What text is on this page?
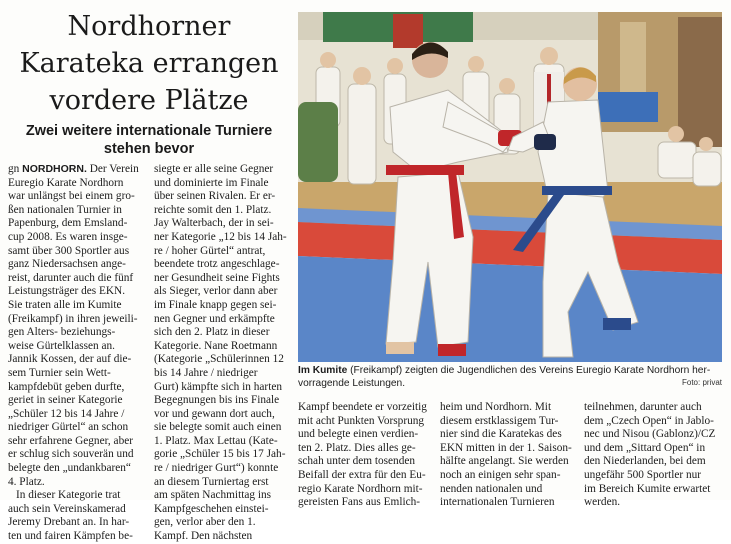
Nordhorner
Karateka errangen
vordere Plätze
Zwei weitere internationale Turniere
stehen bevor
gn NORDHORN. Der Verein
Euregio Karate Nordhorn
war unlängst bei einem gro-
ßen nationalen Turnier in
Papenburg, dem Emsland-
cup 2008. Es waren insge-
samt über 300 Sportler aus
ganz Niedersachsen ange-
reist, darunter auch die fünf
Leistungsträger des EKN.
Sie traten alle im Kumite
(Freikampf) in ihren jeweili-
gen Alters- beziehungs-
weise Gürtelklassen an.
Jannik Kossen, der auf die-
sem Turnier sein Wett-
kampfdebüt geben durfte,
geriet in seiner Kategorie
„Schüler 12 bis 14 Jahre /
niedriger Gürtel“ an schon
sehr erfahrene Gegner, aber
er schlug sich souverän und
belegte den „undankbaren“
4. Platz.
In dieser Kategorie trat
auch sein Vereinskamerad
Jeremy Drebant an. In har-
ten und fairen Kämpfen be-
siegte er alle seine Gegner
und dominierte im Finale
über seinen Rivalen. Er er-
reichte somit den 1. Platz.
Jay Walterbach, der in sei-
ner Kategorie „12 bis 14 Jah-
re / hoher Gürtel“ antrat,
beendete trotz angeschlage-
ner Gesundheit seine Fights
als Sieger, verlor dann aber
im Finale knapp gegen sei-
nen Gegner und erkämpfte
sich den 2. Platz in dieser
Kategorie. Nane Roetmann
(Kategorie „Schülerinnen 12
bis 14 Jahre / niedriger
Gurt) kämpfte sich in harten
Begegnungen bis ins Finale
vor und gewann dort auch,
sie belegte somit auch einen
1. Platz. Max Lettau (Kate-
gorie „Schüler 15 bis 17 Jah-
re / niedriger Gurt“) konnte
an diesem Turniertag erst
am späten Nachmittag ins
Kampfgeschehen einstei-
gen, verlor aber den 1.
Kampf. Den nächsten
Im Kumite (Freikampf) zeigten die Jugendlichen des Vereins Euregio Karate Nordhorn her-
vorragende Leistungen.	Foto: privat
Kampf beendete er vorzeitig
mit acht Punkten Vorsprung
und belegte einen verdien-
ten 2. Platz. Dies alles ge-
schah unter dem tosenden
Beifall der extra für den Eu-
regio Karate Nordhorn mit-
gereisten Fans aus Emlich-
heim und Nordhorn. Mit
diesem erstklassigem Tur-
nier sind die Karatekas des
EKN mitten in der 1. Saison-
hälfte angelangt. Sie werden
noch an einigen sehr span-
nenden nationalen und
internationalen Turnieren
teilnehmen, darunter auch
dem „Czech Open“ in Jablo-
nec und Nisou (Gablonz)/CZ
und dem „Sittard Open“ in
den Niederlanden, bei dem
ungefähr 500 Sportler nur
im Bereich Kumite erwartet
werden.
